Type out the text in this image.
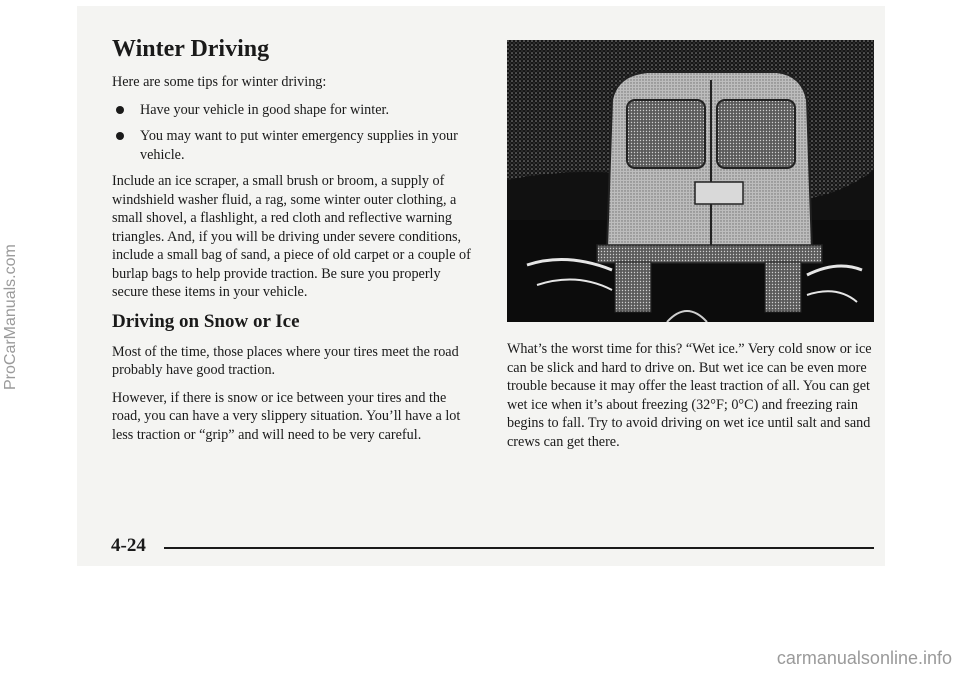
Winter Driving

Here are some tips for winter driving:

Have your vehicle in good shape for winter.
You may want to put winter emergency supplies in your vehicle.

Include an ice scraper, a small brush or broom, a supply of windshield washer fluid, a rag, some winter outer clothing, a small shovel, a flashlight, a red cloth and reflective warning triangles. And, if you will be driving under severe conditions, include a small bag of sand, a piece of old carpet or a couple of burlap bags to help provide traction. Be sure you properly secure these items in your vehicle.

Driving on Snow or Ice

Most of the time, those places where your tires meet the road probably have good traction.

However, if there is snow or ice between your tires and the road, you can have a very slippery situation. You’ll have a lot less traction or “grip” and will need to be very careful.

What’s the worst time for this? “Wet ice.” Very cold snow or ice can be slick and hard to drive on. But wet ice can be even more trouble because it may offer the least traction of all. You can get wet ice when it’s about freezing (32°F; 0°C) and freezing rain begins to fall. Try to avoid driving on wet ice until salt and sand crews can get there.

4-24
ProCarManuals.com
carmanualsonline.info
